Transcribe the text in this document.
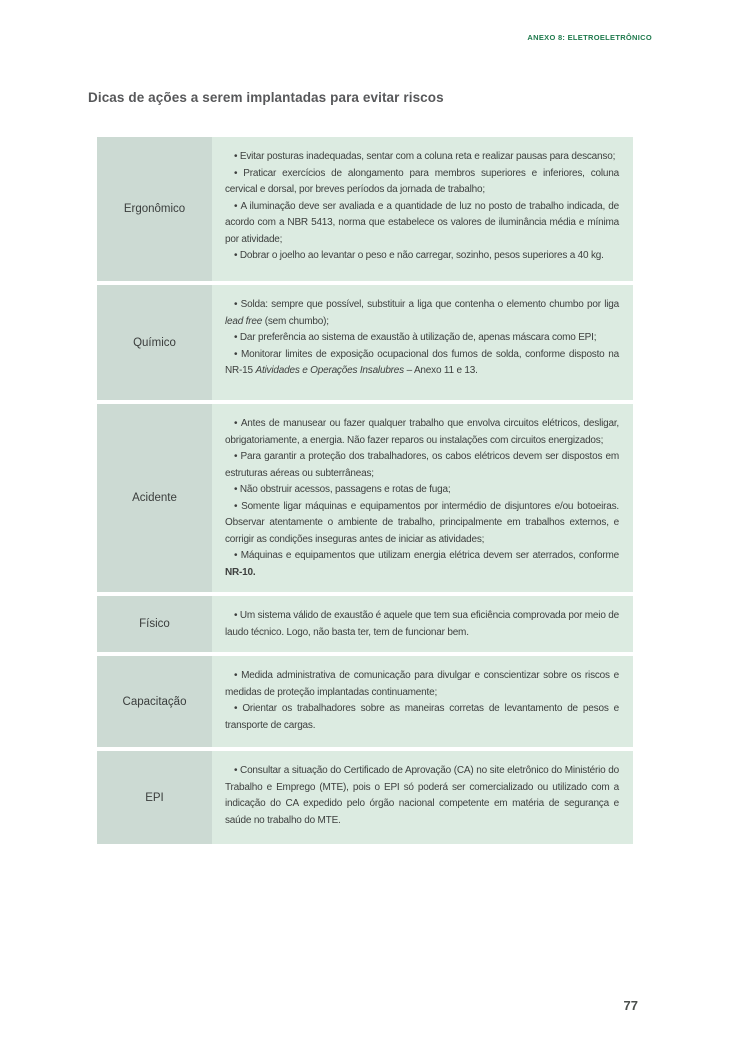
ANEXO 8: ELETROELETRÔNICO
Dicas de ações a serem implantadas para evitar riscos
Ergonômico

• Evitar posturas inadequadas, sentar com a coluna reta e realizar pausas para descanso;

• Praticar exercícios de alongamento para membros superiores e inferiores, coluna cervical e dorsal, por breves períodos da jornada de trabalho;

• A iluminação deve ser avaliada e a quantidade de luz no posto de trabalho indicada, de acordo com a NBR 5413, norma que estabelece os valores de iluminância média e mínima por atividade;

• Dobrar o joelho ao levantar o peso e não carregar, sozinho, pesos superiores a 40 kg.

Químico

• Solda: sempre que possível, substituir a liga que contenha o elemento chumbo por liga lead free (sem chumbo);

• Dar preferência ao sistema de exaustão à utilização de, apenas máscara como EPI;

• Monitorar limites de exposição ocupacional dos fumos de solda, conforme disposto na NR-15 Atividades e Operações Insalubres – Anexo 11 e 13.

Acidente

• Antes de manusear ou fazer qualquer trabalho que envolva circuitos elétricos, desligar, obrigatoriamente, a energia. Não fazer reparos ou instalações com circuitos energizados;

• Para garantir a proteção dos trabalhadores, os cabos elétricos devem ser dispostos em estruturas aéreas ou subterrâneas;

• Não obstruir acessos, passagens e rotas de fuga;

• Somente ligar máquinas e equipamentos por intermédio de disjuntores e/ou botoeiras. Observar atentamente o ambiente de trabalho, principalmente em trabalhos externos, e corrigir as condições inseguras antes de iniciar as atividades;

• Máquinas e equipamentos que utilizam energia elétrica devem ser aterrados, conforme NR-10.

Físico

• Um sistema válido de exaustão é aquele que tem sua eficiência comprovada por meio de laudo técnico. Logo, não basta ter, tem de funcionar bem.

Capacitação

• Medida administrativa de comunicação para divulgar e conscientizar sobre os riscos e medidas de proteção implantadas continuamente;

• Orientar os trabalhadores sobre as maneiras corretas de levantamento de pesos e transporte de cargas.

EPI

• Consultar a situação do Certificado de Aprovação (CA) no site eletrônico do Ministério do Trabalho e Emprego (MTE), pois o EPI só poderá ser comercializado ou utilizado com a indicação do CA expedido pelo órgão nacional competente em matéria de segurança e saúde no trabalho do MTE.

77
